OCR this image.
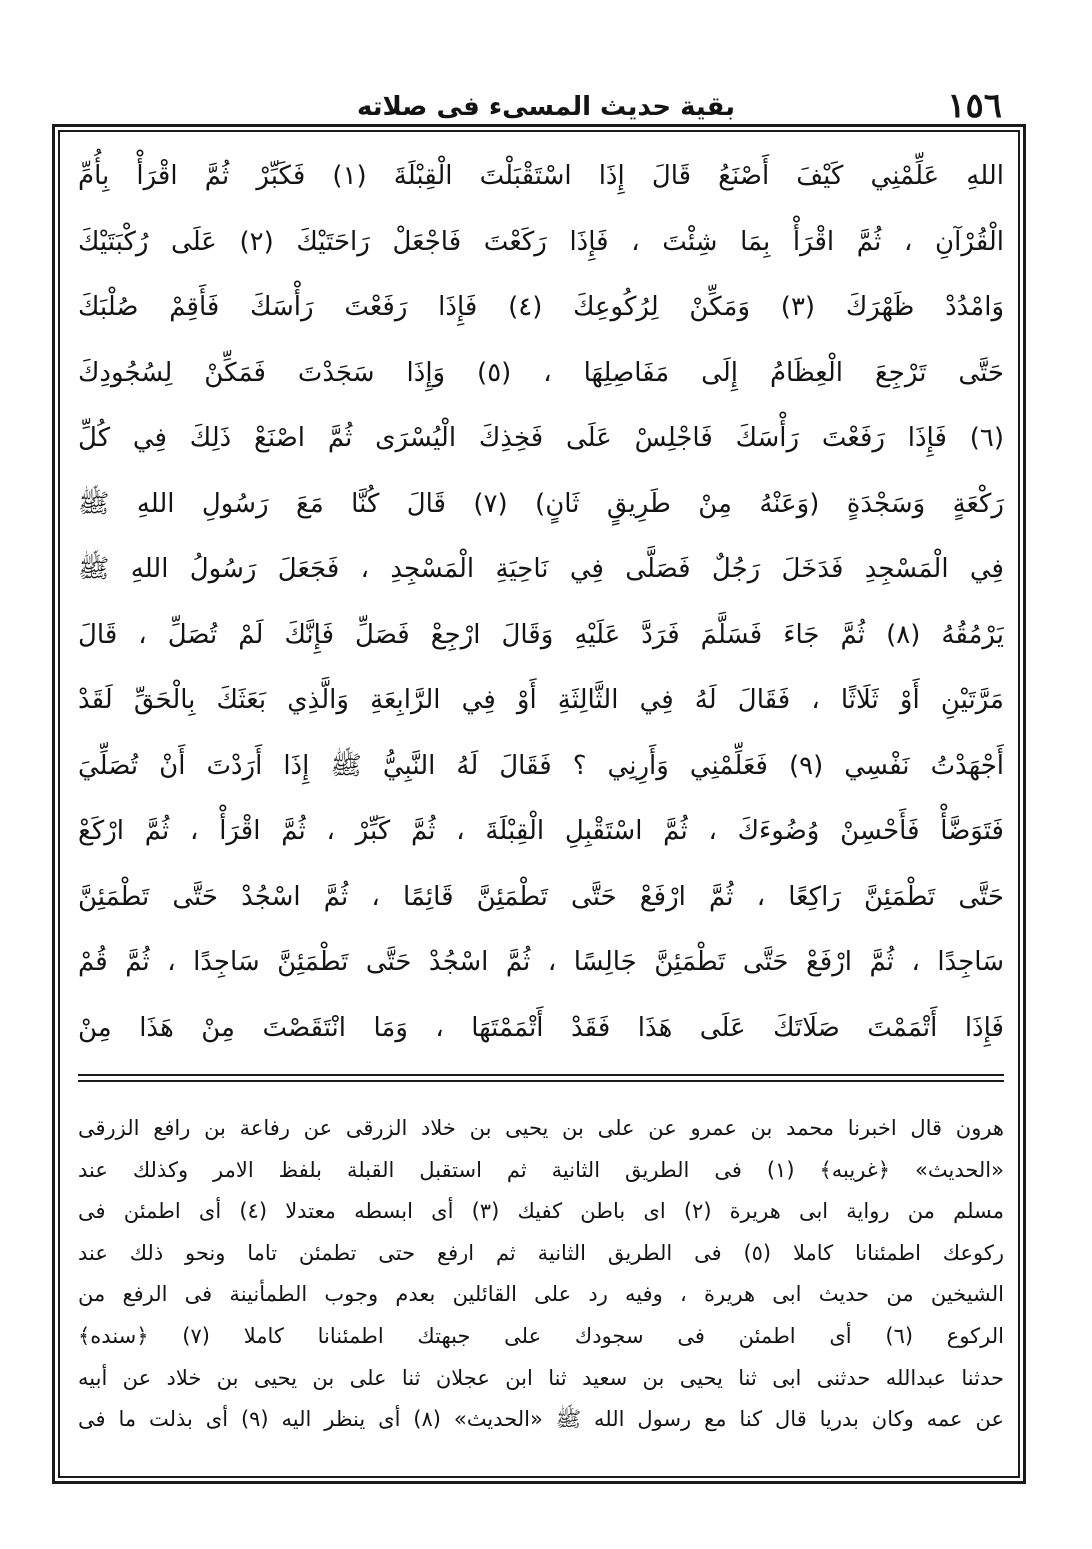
١٥٦
بقية حديث المسىء فى صلاته
اللهِ عَلِّمْنِي كَيْفَ أَصْنَعُ قَالَ إِذَا اسْتَقْبَلْتَ الْقِبْلَةَ (١) فَكَبِّرْ ثُمَّ اقْرَأْ بِأُمِّ
الْقُرْآنِ ، ثُمَّ اقْرَأْ بِمَا شِئْتَ ، فَإِذَا رَكَعْتَ فَاجْعَلْ رَاحَتَيْكَ (٢) عَلَى رُكْبَتَيْكَ
وَامْدُدْ ظَهْرَكَ (٣) وَمَكِّنْ لِرُكُوعِكَ (٤) فَإِذَا رَفَعْتَ رَأْسَكَ فَأَقِمْ صُلْبَكَ
حَتَّى تَرْجِعَ الْعِظَامُ إِلَى مَفَاصِلِهَا ، (٥) وَإِذَا سَجَدْتَ فَمَكِّنْ لِسُجُودِكَ
(٦) فَإِذَا رَفَعْتَ رَأْسَكَ فَاجْلِسْ عَلَى فَخِذِكَ الْيُسْرَى ثُمَّ اصْنَعْ ذَلِكَ فِي كُلِّ
رَكْعَةٍ وَسَجْدَةٍ (وَعَنْهُ مِنْ طَرِيقٍ ثَانٍ) (٧) قَالَ كُنَّا مَعَ رَسُولِ اللهِ ﷺ
فِي الْمَسْجِدِ فَدَخَلَ رَجُلٌ فَصَلَّى فِي نَاحِيَةِ الْمَسْجِدِ ، فَجَعَلَ رَسُولُ اللهِ ﷺ
يَرْمُقُهُ (٨) ثُمَّ جَاءَ فَسَلَّمَ فَرَدَّ عَلَيْهِ وَقَالَ ارْجِعْ فَصَلِّ فَإِنَّكَ لَمْ تُصَلِّ ، قَالَ
مَرَّتَيْنِ أَوْ ثَلَاثًا ، فَقَالَ لَهُ فِي الثَّالِثَةِ أَوْ فِي الرَّابِعَةِ وَالَّذِي بَعَثَكَ بِالْحَقِّ لَقَدْ
أَجْهَدْتُ نَفْسِي (٩) فَعَلِّمْنِي وَأَرِنِي ؟ فَقَالَ لَهُ النَّبِيُّ ﷺ إِذَا أَرَدْتَ أَنْ تُصَلِّيَ
فَتَوَضَّأْ فَأَحْسِنْ وُضُوءَكَ ، ثُمَّ اسْتَقْبِلِ الْقِبْلَةَ ، ثُمَّ كَبِّرْ ، ثُمَّ اقْرَأْ ، ثُمَّ ارْكَعْ
حَتَّى تَطْمَئِنَّ رَاكِعًا ، ثُمَّ ارْفَعْ حَتَّى تَطْمَئِنَّ قَائِمًا ، ثُمَّ اسْجُدْ حَتَّى تَطْمَئِنَّ
سَاجِدًا ، ثُمَّ ارْفَعْ حَتَّى تَطْمَئِنَّ جَالِسًا ، ثُمَّ اسْجُدْ حَتَّى تَطْمَئِنَّ سَاجِدًا ، ثُمَّ قُمْ
فَإِذَا أَتْمَمْتَ صَلَاتَكَ عَلَى هَذَا فَقَدْ أَتْمَمْتَهَا ، وَمَا انْتَقَصْتَ مِنْ هَذَا مِنْ
هرون قال اخبرنا محمد بن عمرو عن على بن يحيى بن خلاد الزرقى عن رفاعة بن رافع الزرقى
«الحديث» ﴿غريبه﴾ (١) فى الطريق الثانية ثم استقبل القبلة بلفظ الامر وكذلك عند
مسلم من رواية ابى هريرة (٢) اى باطن كفيك (٣) أى ابسطه معتدلا (٤) أى اطمئن فى
ركوعك اطمئنانا كاملا (٥) فى الطريق الثانية ثم ارفع حتى تطمئن تاما ونحو ذلك عند
الشيخين من حديث ابى هريرة ، وفيه رد على القائلين بعدم وجوب الطمأنينة فى الرفع من
الركوع (٦) أى اطمئن فى سجودك على جبهتك اطمئنانا كاملا (٧) ﴿سنده﴾
حدثنا عبدالله حدثنى ابى ثنا يحيى بن سعيد ثنا ابن عجلان ثنا على بن يحيى بن خلاد عن أبيه
عن عمه وكان بدريا قال كنا مع رسول الله ﷺ «الحديث» (٨) أى ينظر اليه (٩) أى بذلت ما فى
